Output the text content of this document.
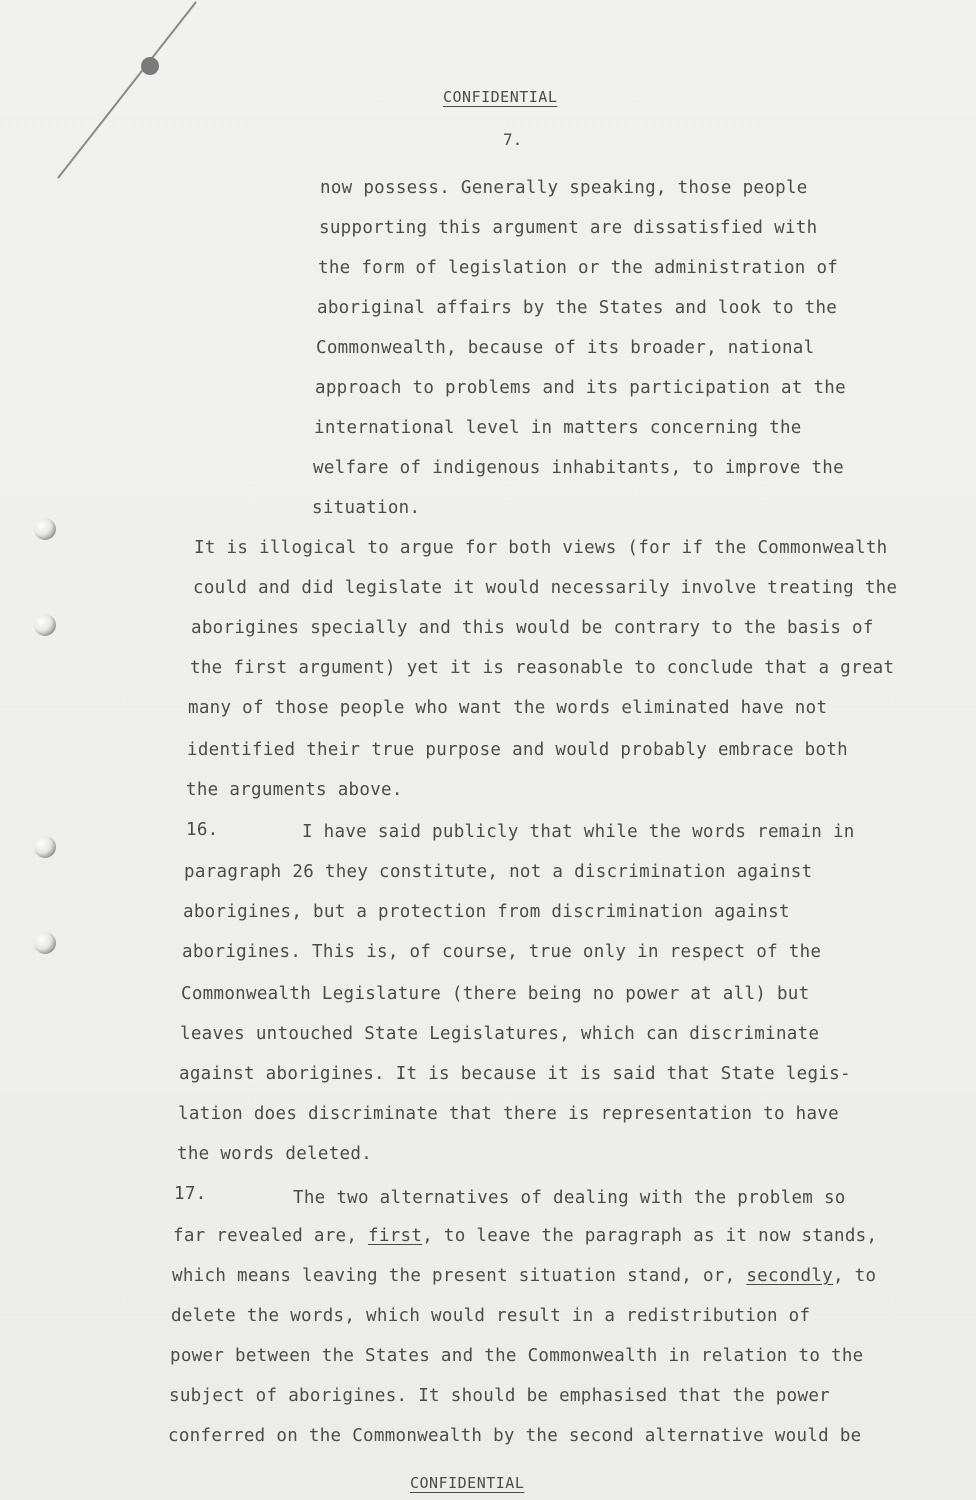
CONFIDENTIAL
7.
now possess. Generally speaking, those people
supporting this argument are dissatisfied with
the form of legislation or the administration of
aboriginal affairs by the States and look to the
Commonwealth, because of its broader, national
approach to problems and its participation at the
international level in matters concerning the
welfare of indigenous inhabitants, to improve the
situation.
It is illogical to argue for both views (for if the Commonwealth
could and did legislate it would necessarily involve treating the
aborigines specially and this would be contrary to the basis of
the first argument) yet it is reasonable to conclude that a great
many of those people who want the words eliminated have not
identified their true purpose and would probably embrace both
the arguments above.
16.	I have said publicly that while the words remain in
paragraph 26 they constitute, not a discrimination against
aborigines, but a protection from discrimination against
aborigines. This is, of course, true only in respect of the
Commonwealth Legislature (there being no power at all) but
leaves untouched State Legislatures, which can discriminate
against aborigines. It is because it is said that State legis-
lation does discriminate that there is representation to have
the words deleted.
17.	The two alternatives of dealing with the problem so
far revealed are, first, to leave the paragraph as it now stands,
which means leaving the present situation stand, or, secondly, to
delete the words, which would result in a redistribution of
power between the States and the Commonwealth in relation to the
subject of aborigines. It should be emphasised that the power
conferred on the Commonwealth by the second alternative would be
CONFIDENTIAL
